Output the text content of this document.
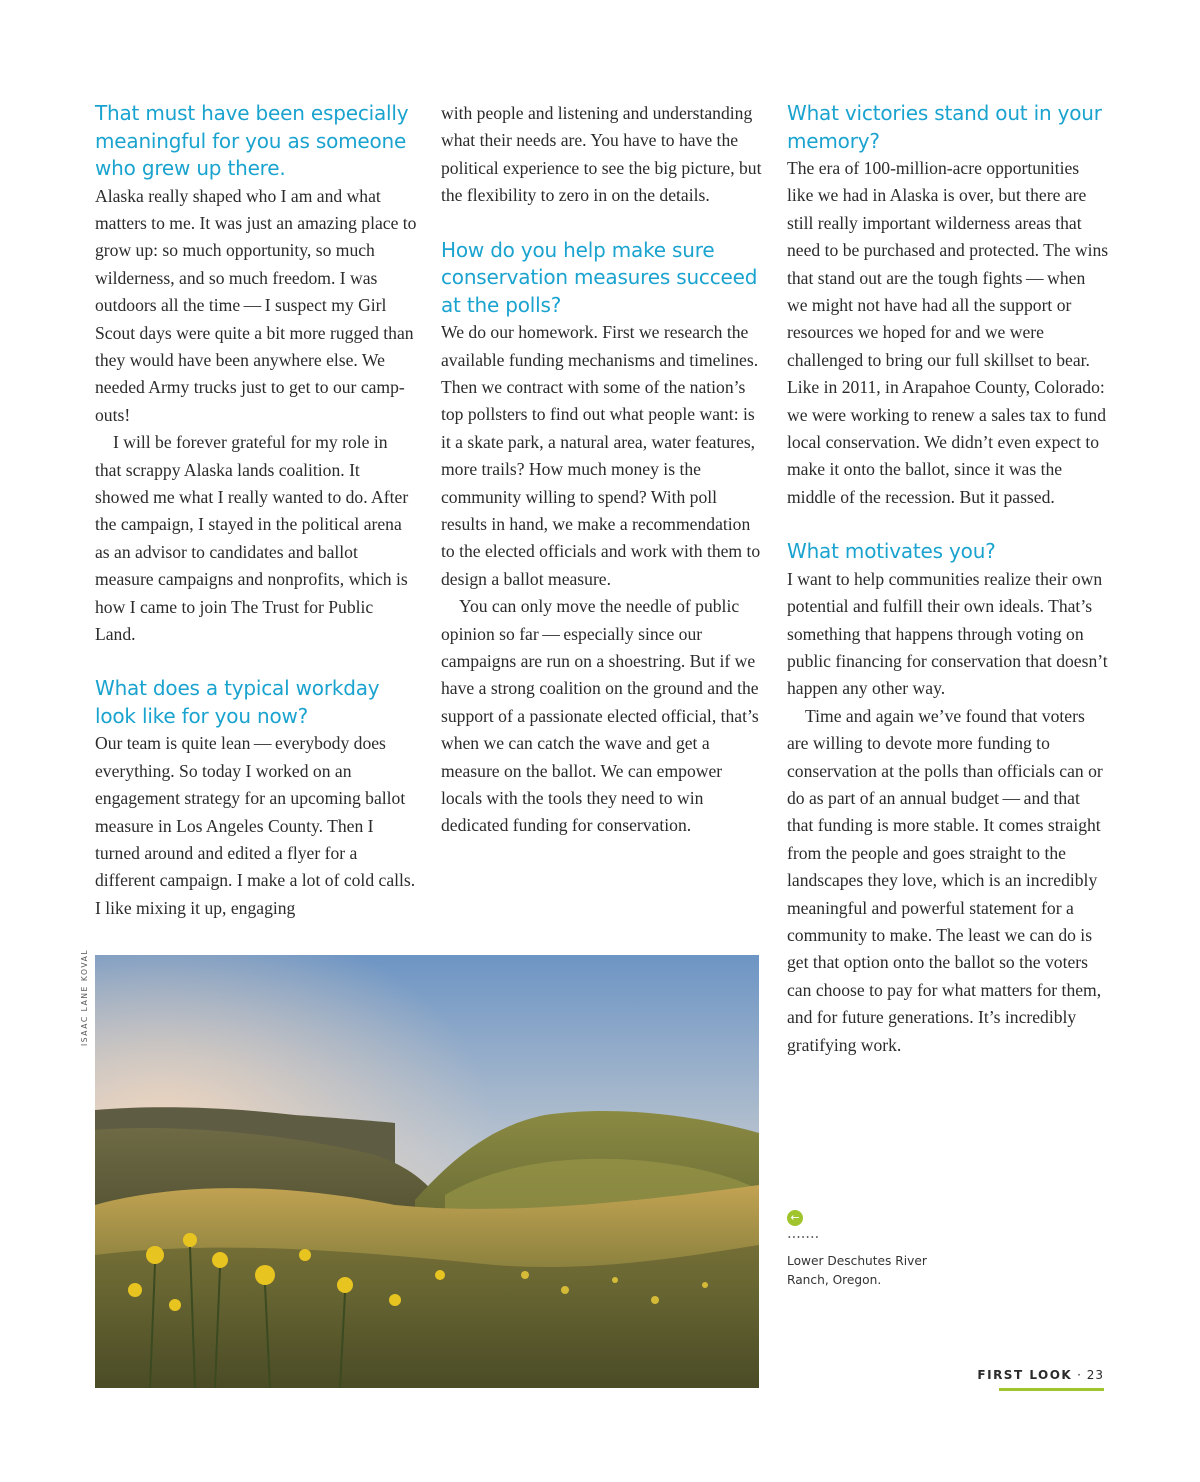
That must have been especially meaningful for you as someone who grew up there.

Alaska really shaped who I am and what matters to me. It was just an amazing place to grow up: so much opportunity, so much wilderness, and so much freedom. I was outdoors all the time — I suspect my Girl Scout days were quite a bit more rugged than they would have been anywhere else. We needed Army trucks just to get to our camp-outs!

I will be forever grateful for my role in that scrappy Alaska lands coalition. It showed me what I really wanted to do. After the campaign, I stayed in the political arena as an advisor to candidates and ballot measure campaigns and nonprofits, which is how I came to join The Trust for Public Land.

What does a typical workday look like for you now?

Our team is quite lean — everybody does everything. So today I worked on an engagement strategy for an upcoming ballot measure in Los Angeles County. Then I turned around and edited a flyer for a different campaign. I make a lot of cold calls. I like mixing it up, engaging

with people and listening and understanding what their needs are. You have to have the political experience to see the big picture, but the flexibility to zero in on the details.

How do you help make sure conservation measures succeed at the polls?

We do our homework. First we research the available funding mechanisms and timelines. Then we contract with some of the nation’s top pollsters to find out what people want: is it a skate park, a natural area, water features, more trails? How much money is the community willing to spend? With poll results in hand, we make a recommendation to the elected officials and work with them to design a ballot measure.

You can only move the needle of public opinion so far — especially since our campaigns are run on a shoestring. But if we have a strong coalition on the ground and the support of a passionate elected official, that’s when we can catch the wave and get a measure on the ballot. We can empower locals with the tools they need to win dedicated funding for conservation.

What victories stand out in your memory?

The era of 100-million-acre opportunities like we had in Alaska is over, but there are still really important wilderness areas that need to be purchased and protected. The wins that stand out are the tough fights — when we might not have had all the support or resources we hoped for and we were challenged to bring our full skillset to bear. Like in 2011, in Arapahoe County, Colorado: we were working to renew a sales tax to fund local conservation. We didn’t even expect to make it onto the ballot, since it was the middle of the recession. But it passed.

What motivates you?

I want to help communities realize their own potential and fulfill their own ideals. That’s something that happens through voting on public financing for conservation that doesn’t happen any other way.

Time and again we’ve found that voters are willing to devote more funding to conservation at the polls than officials can or do as part of an annual budget — and that that funding is more stable. It comes straight from the people and goes straight to the landscapes they love, which is an incredibly meaningful and powerful statement for a community to make. The least we can do is get that option onto the ballot so the voters can choose to pay for what matters for them, and for future generations. It’s incredibly gratifying work.

ISAAC LANE KOVAL
←
Lower Deschutes River Ranch, Oregon.
FIRST LOOK · 23
